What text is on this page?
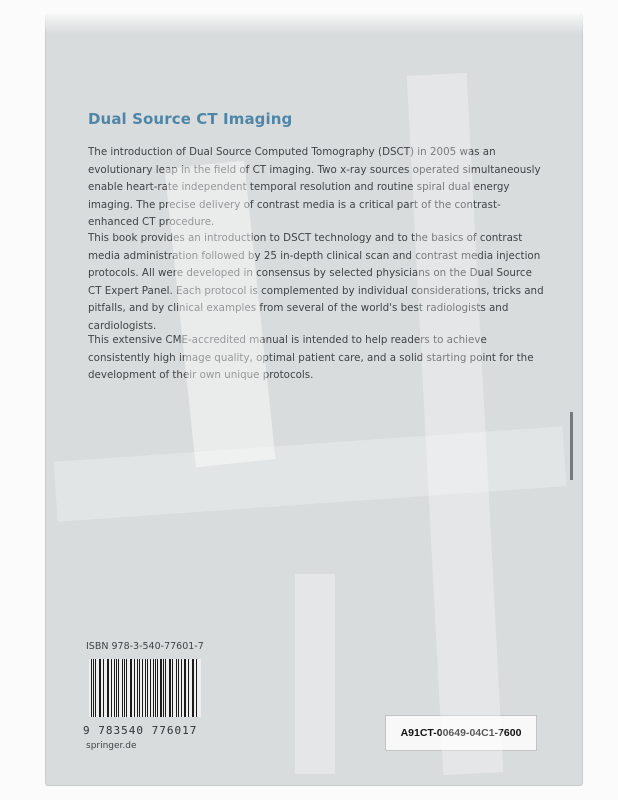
Dual Source CT Imaging
The introduction of Dual Source Computed Tomography (DSCT) in 2005 was an evolutionary leap in the field of CT imaging. Two x-ray sources operated simultaneously enable heart-rate independent temporal resolution and routine spiral dual energy imaging. The precise delivery of contrast media is a critical part of the contrast-enhanced CT procedure.
This book provides an introduction to DSCT technology and to the basics of contrast media administration followed by 25 in-depth clinical scan and contrast media injection protocols. All were developed in consensus by selected physicians on the Dual Source CT Expert Panel. Each protocol is complemented by individual considerations, tricks and pitfalls, and by clinical examples from several of the world's best radiologists and cardiologists.
This extensive CME-accredited manual is intended to help readers to achieve consistently high image quality, optimal patient care, and a solid starting point for the development of their own unique protocols.
ISBN 978-3-540-77601-7
9 783540 776017
springer.de
A91CT-00649-04C1-7600
